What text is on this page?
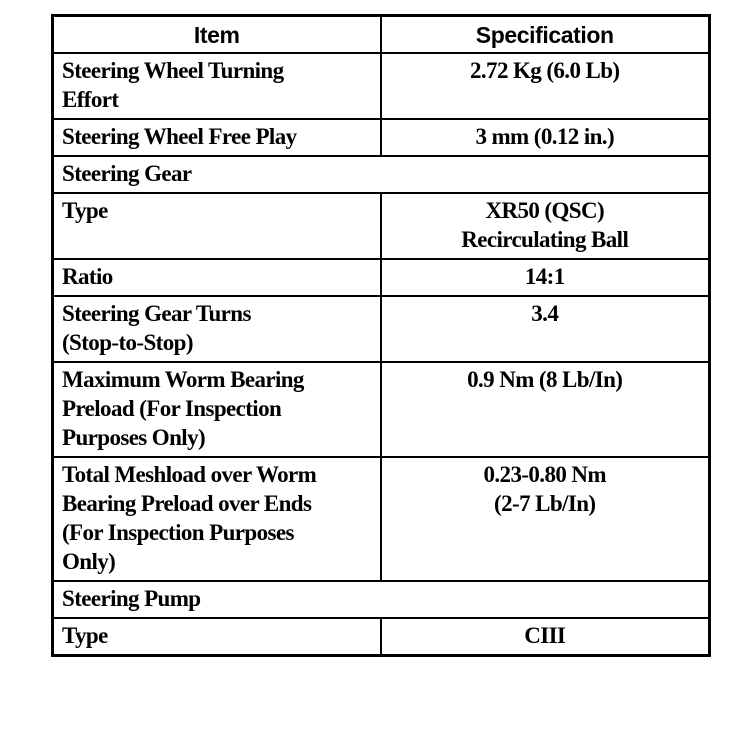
Item	Specification

Steering Wheel Turning
Effort	2.72 Kg (6.0 Lb)

Steering Wheel Free Play	3 mm (0.12 in.)

Steering Gear	

Type	XR50 (QSC)
Recirculating Ball

Ratio	14:1

Steering Gear Turns
(Stop-to-Stop)	3.4

Maximum Worm Bearing
Preload (For Inspection
Purposes Only)	0.9 Nm (8 Lb/In)

Total Meshload over Worm
Bearing Preload over Ends
(For Inspection Purposes
Only)	0.23-0.80 Nm
(2-7 Lb/In)

Steering Pump	

Type	CIII
